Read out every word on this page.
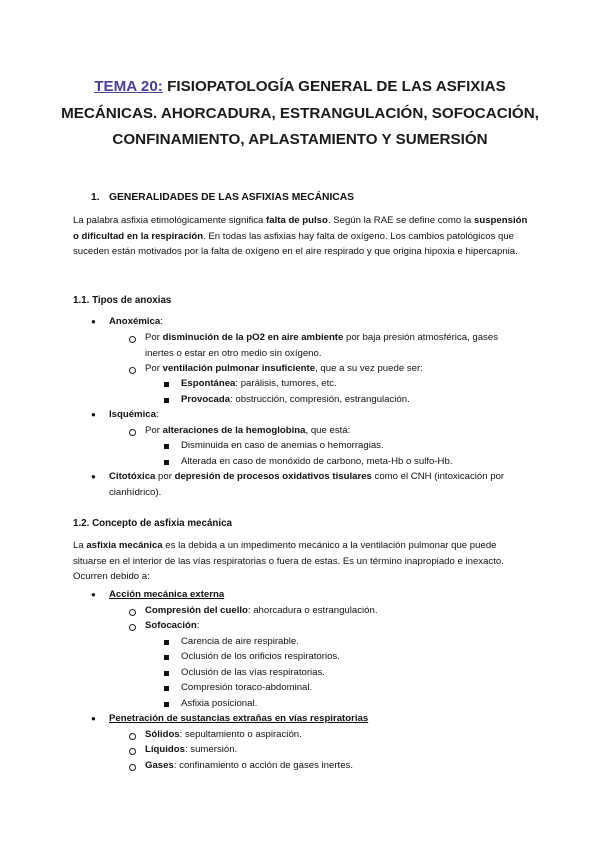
TEMA 20: FISIOPATOLOGÍA GENERAL DE LAS ASFIXIAS MECÁNICAS. AHORCADURA, ESTRANGULACIÓN, SOFOCACIÓN, CONFINAMIENTO, APLASTAMIENTO Y SUMERSIÓN
1. GENERALIDADES DE LAS ASFIXIAS MECÁNICAS
La palabra asfixia etimológicamente significa falta de pulso. Según la RAE se define como la suspensión o dificultad en la respiración. En todas las asfixias hay falta de oxígeno. Los cambios patológicos que suceden están motivados por la falta de oxígeno en el aire respirado y que origina hipoxia e hipercapnia.
1.1. Tipos de anoxias
● Anoxémica:
Por disminución de la pO2 en aire ambiente por baja presión atmosférica, gases
inertes o estar en otro medio sin oxígeno.
Por ventilación pulmonar insuficiente, que a su vez puede ser:
Espontánea: parálisis, tumores, etc.
Provocada: obstrucción, compresión, estrangulación.
● Isquémica:
Por alteraciones de la hemoglobina, que está:
Disminuida en caso de anemias o hemorragias.
Alterada en caso de monóxido de carbono, meta-Hb o sulfo-Hb.
● Citotóxica por depresión de procesos oxidativos tisulares como el CNH (intoxicación por
cianhídrico).
1.2. Concepto de asfixia mecánica
La asfixia mecánica es la debida a un impedimento mecánico a la ventilación pulmonar que puede situarse en el interior de las vías respiratorias o fuera de estas. Es un término inapropiado e inexacto. Ocurren debido a:
● Acción mecánica externa
Compresión del cuello: ahorcadura o estrangulación.
Sofocación:
Carencia de aire respirable.
Oclusión de los orificios respiratorios.
Oclusión de las vías respiratorias.
Compresión toraco-abdominal.
Asfixia posicional.
● Penetración de sustancias extrañas en vías respiratorias
Sólidos: sepultamiento o aspiración.
Líquidos: sumersión.
Gases: confinamiento o acción de gases inertes.
